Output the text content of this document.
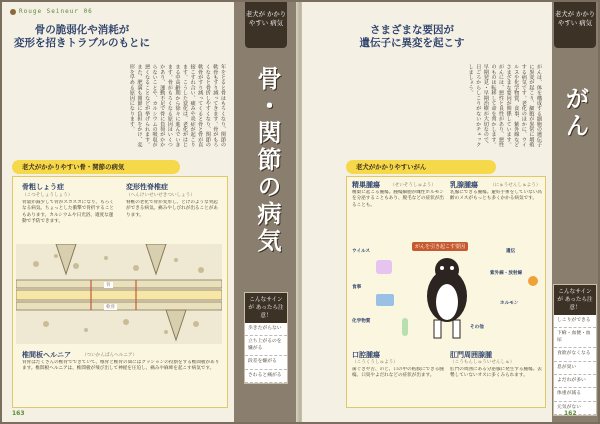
Rouge Seineur 06
骨の脆弱化や消耗が
変形を招きトラブルのもとに
年をとると骨はもろくなり、関節の軟骨もすり減ってきます。骨がもろくなると骨折しやすくなり、関節の軟骨がすり減ってくると骨と骨が直接こすれ合い、痛みや炎症が起こります。こうした変化は、老化がはじまる中高齢期から徐々に進んでいきます。骨がもろくなる原因はいくつかあり、運動不足で骨に負荷がかからないことや、カルシウムの吸収が悪くなることなどが挙げられます。また、肥満も関節に負担をかけ、変形を早める原因になります。
老犬がかかりやすい骨・関節の病気
骨粗しょう症
（こつそしょうしょう）
骨量が減少して骨がスカスカになり、もろくなる病気。ちょっとした衝撃で骨折することもあります。カルシウムや日光浴、適度な運動で予防できます。
変形性脊椎症
（へんけいせいせきついしょう）
脊椎の老化で骨が変形し、とげのような突起ができる病気。痛みやしびれが出ることがあります。
骨
軟骨
椎間板ヘルニア （ついかんばんヘルニア）
背骨はたくさんの椎骨でできていて、椎骨と椎骨の間にはクッションの役割をする椎間板があります。椎間板ヘルニアは、椎間板が飛び出して神経を圧迫し、痛みや麻痺を起こす病気です。
老犬が かかりやすい 病気
骨・関節の病気
こんなサインが あったら注意！
歩きたがらない
立ち上がるのを嫌がる
段差を嫌がる
さわると痛がる
163
さまざまな要因が
遺伝子に異変を起こす
がんは、体を構成する細胞の遺伝子に異変が起こり、細胞が異常に増殖する病気です。老化のほかに、ウイルスや化学物質、食事、紫外線などさまざまな要因が関係しています。がんには、悪性と良性があり、悪性のものは転移して命を脅かします。早期発見・早期治療が大切なので、日ごろからしこりがないかチェックしましょう。
老犬がかかりやすいがん
精巣腫瘍 （せいそうしゅよう）
精巣に起こる腫瘍。腫瘍細胞が雌性ホルモンを分泌することもあり、脱毛などの症状が出ることも。
乳腺腫瘍	（にゅうせんしゅよう）
乳腺にできる腫瘍。避妊手術をしていない高齢のメスがもっとも多くかかる病気です。
がんを引き起こす要因
ウイルス
食事
化学物質
遺伝
紫外線・放射線
ホルモン
その他
口腔腫瘍
（こうくうしゅよう）
歯ぐきや舌、のど、口の中の粘膜にできる腫瘍。口臭やよだれなどの症状が出ます。
肛門周囲腺腫
（こうもんしゅういせんしゅ）
肛門の周囲にある分泌腺に発生する腫瘍。去勢していないオスに多くみられます。
老犬が かかりやすい 病気
がん
こんなサインが あったら注意！
しこりができる
下痢・血便・血尿
食欲がなくなる
息が臭い
よだれが多い
体重が減る
元気がない
162
